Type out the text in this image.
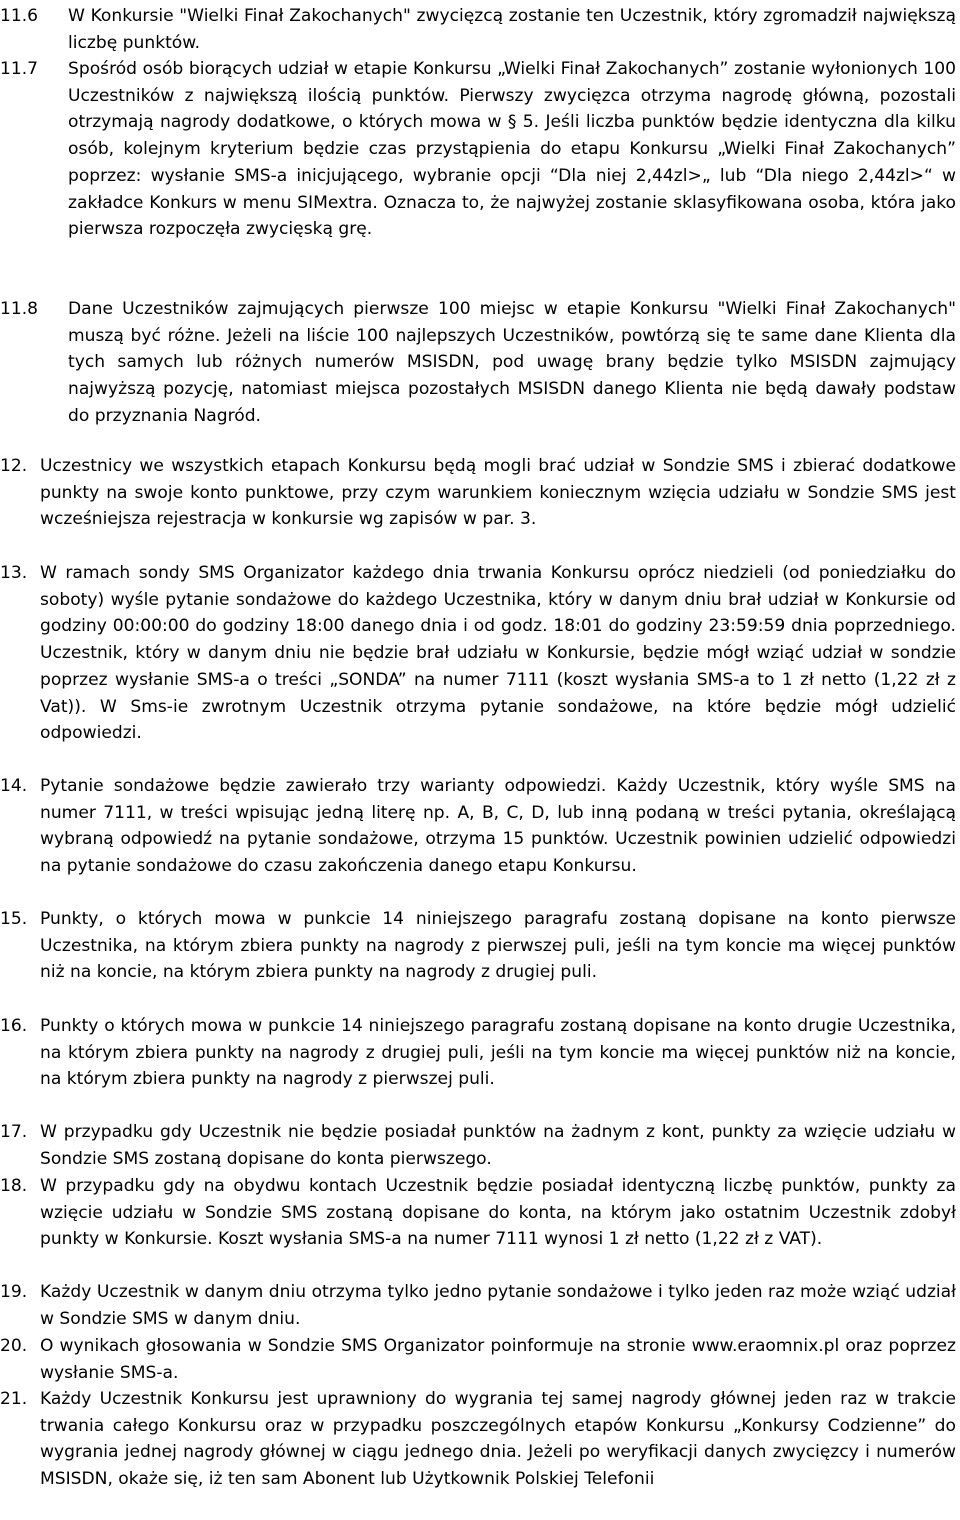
11.6	W Konkursie "Wielki Finał Zakochanych" zwycięzcą zostanie ten Uczestnik, który zgromadził największą liczbę punktów.
11.7	Spośród osób biorących udział w etapie Konkursu „Wielki Finał Zakochanych” zostanie wyłonionych 100 Uczestników z największą ilością punktów. Pierwszy zwycięzca otrzyma nagrodę główną, pozostali otrzymają nagrody dodatkowe, o których mowa w § 5. Jeśli liczba punktów będzie identyczna dla kilku osób, kolejnym kryterium będzie czas przystąpienia do etapu Konkursu „Wielki Finał Zakochanych” poprzez: wysłanie SMS-a inicjującego, wybranie opcji “Dla niej 2,44zl>„ lub “Dla niego 2,44zl>“ w zakładce Konkurs w menu SIMextra. Oznacza to, że najwyżej zostanie sklasyfikowana osoba, która jako pierwsza rozpoczęła zwycięską grę.
11.8	Dane Uczestników zajmujących pierwsze 100 miejsc w etapie Konkursu "Wielki Finał Zakochanych" muszą być różne. Jeżeli na liście 100 najlepszych Uczestników, powtórzą się te same dane Klienta dla tych samych lub różnych numerów MSISDN, pod uwagę brany będzie tylko MSISDN zajmujący najwyższą pozycję, natomiast miejsca pozostałych MSISDN danego Klienta nie będą dawały podstaw do przyznania Nagród.
12. Uczestnicy we wszystkich etapach Konkursu będą mogli brać udział w Sondzie SMS i zbierać dodatkowe punkty na swoje konto punktowe, przy czym warunkiem koniecznym wzięcia udziału w Sondzie SMS jest wcześniejsza rejestracja w konkursie wg zapisów w par. 3.
13. W ramach sondy SMS Organizator każdego dnia trwania Konkursu oprócz niedzieli (od poniedziałku do soboty) wyśle pytanie sondażowe do każdego Uczestnika, który w danym dniu brał udział w Konkursie od godziny 00:00:00 do godziny 18:00 danego dnia i od godz. 18:01 do godziny 23:59:59 dnia poprzedniego. Uczestnik, który w danym dniu nie będzie brał udziału w Konkursie, będzie mógł wziąć udział w sondzie poprzez wysłanie SMS-a o treści „SONDA” na numer 7111 (koszt wysłania SMS-a to 1 zł netto (1,22 zł z Vat)). W Sms-ie zwrotnym Uczestnik otrzyma pytanie sondażowe, na które będzie mógł udzielić odpowiedzi.
14. Pytanie sondażowe będzie zawierało trzy warianty odpowiedzi. Każdy Uczestnik, który wyśle SMS na numer 7111, w treści wpisując jedną literę np. A, B, C, D, lub inną podaną w treści pytania, określającą wybraną odpowiedź na pytanie sondażowe, otrzyma 15 punktów. Uczestnik powinien udzielić odpowiedzi na pytanie sondażowe do czasu zakończenia danego etapu Konkursu.
15. Punkty, o których mowa w punkcie 14 niniejszego paragrafu zostaną dopisane na konto pierwsze Uczestnika, na którym zbiera punkty na nagrody z pierwszej puli, jeśli na tym koncie ma więcej punktów niż na koncie, na którym zbiera punkty na nagrody z drugiej puli.
16. Punkty o których mowa w punkcie 14 niniejszego paragrafu zostaną dopisane na konto drugie Uczestnika, na którym zbiera punkty na nagrody z drugiej puli, jeśli na tym koncie ma więcej punktów niż na koncie, na którym zbiera punkty na nagrody z pierwszej puli.
17. W przypadku gdy Uczestnik nie będzie posiadał punktów na żadnym z kont, punkty za wzięcie udziału w Sondzie SMS zostaną dopisane do konta pierwszego.
18. W przypadku gdy na obydwu kontach Uczestnik będzie posiadał identyczną liczbę punktów, punkty za wzięcie udziału w Sondzie SMS zostaną dopisane do konta, na którym jako ostatnim Uczestnik zdobył punkty w Konkursie. Koszt wysłania SMS-a na numer 7111 wynosi 1 zł netto (1,22 zł z VAT).
19. Każdy Uczestnik w danym dniu otrzyma tylko jedno pytanie sondażowe i tylko jeden raz może wziąć udział w Sondzie SMS w danym dniu.
20. O wynikach głosowania w Sondzie SMS Organizator poinformuje na stronie www.eraomnix.pl oraz poprzez wysłanie SMS-a.
21. Każdy Uczestnik Konkursu jest uprawniony do wygrania tej samej nagrody głównej jeden raz w trakcie trwania całego Konkursu oraz w przypadku poszczególnych etapów Konkursu „Konkursy Codzienne” do wygrania jednej nagrody głównej w ciągu jednego dnia. Jeżeli po weryfikacji danych zwycięzcy i numerów MSISDN, okaże się, iż ten sam Abonent lub Użytkownik Polskiej Telefonii
